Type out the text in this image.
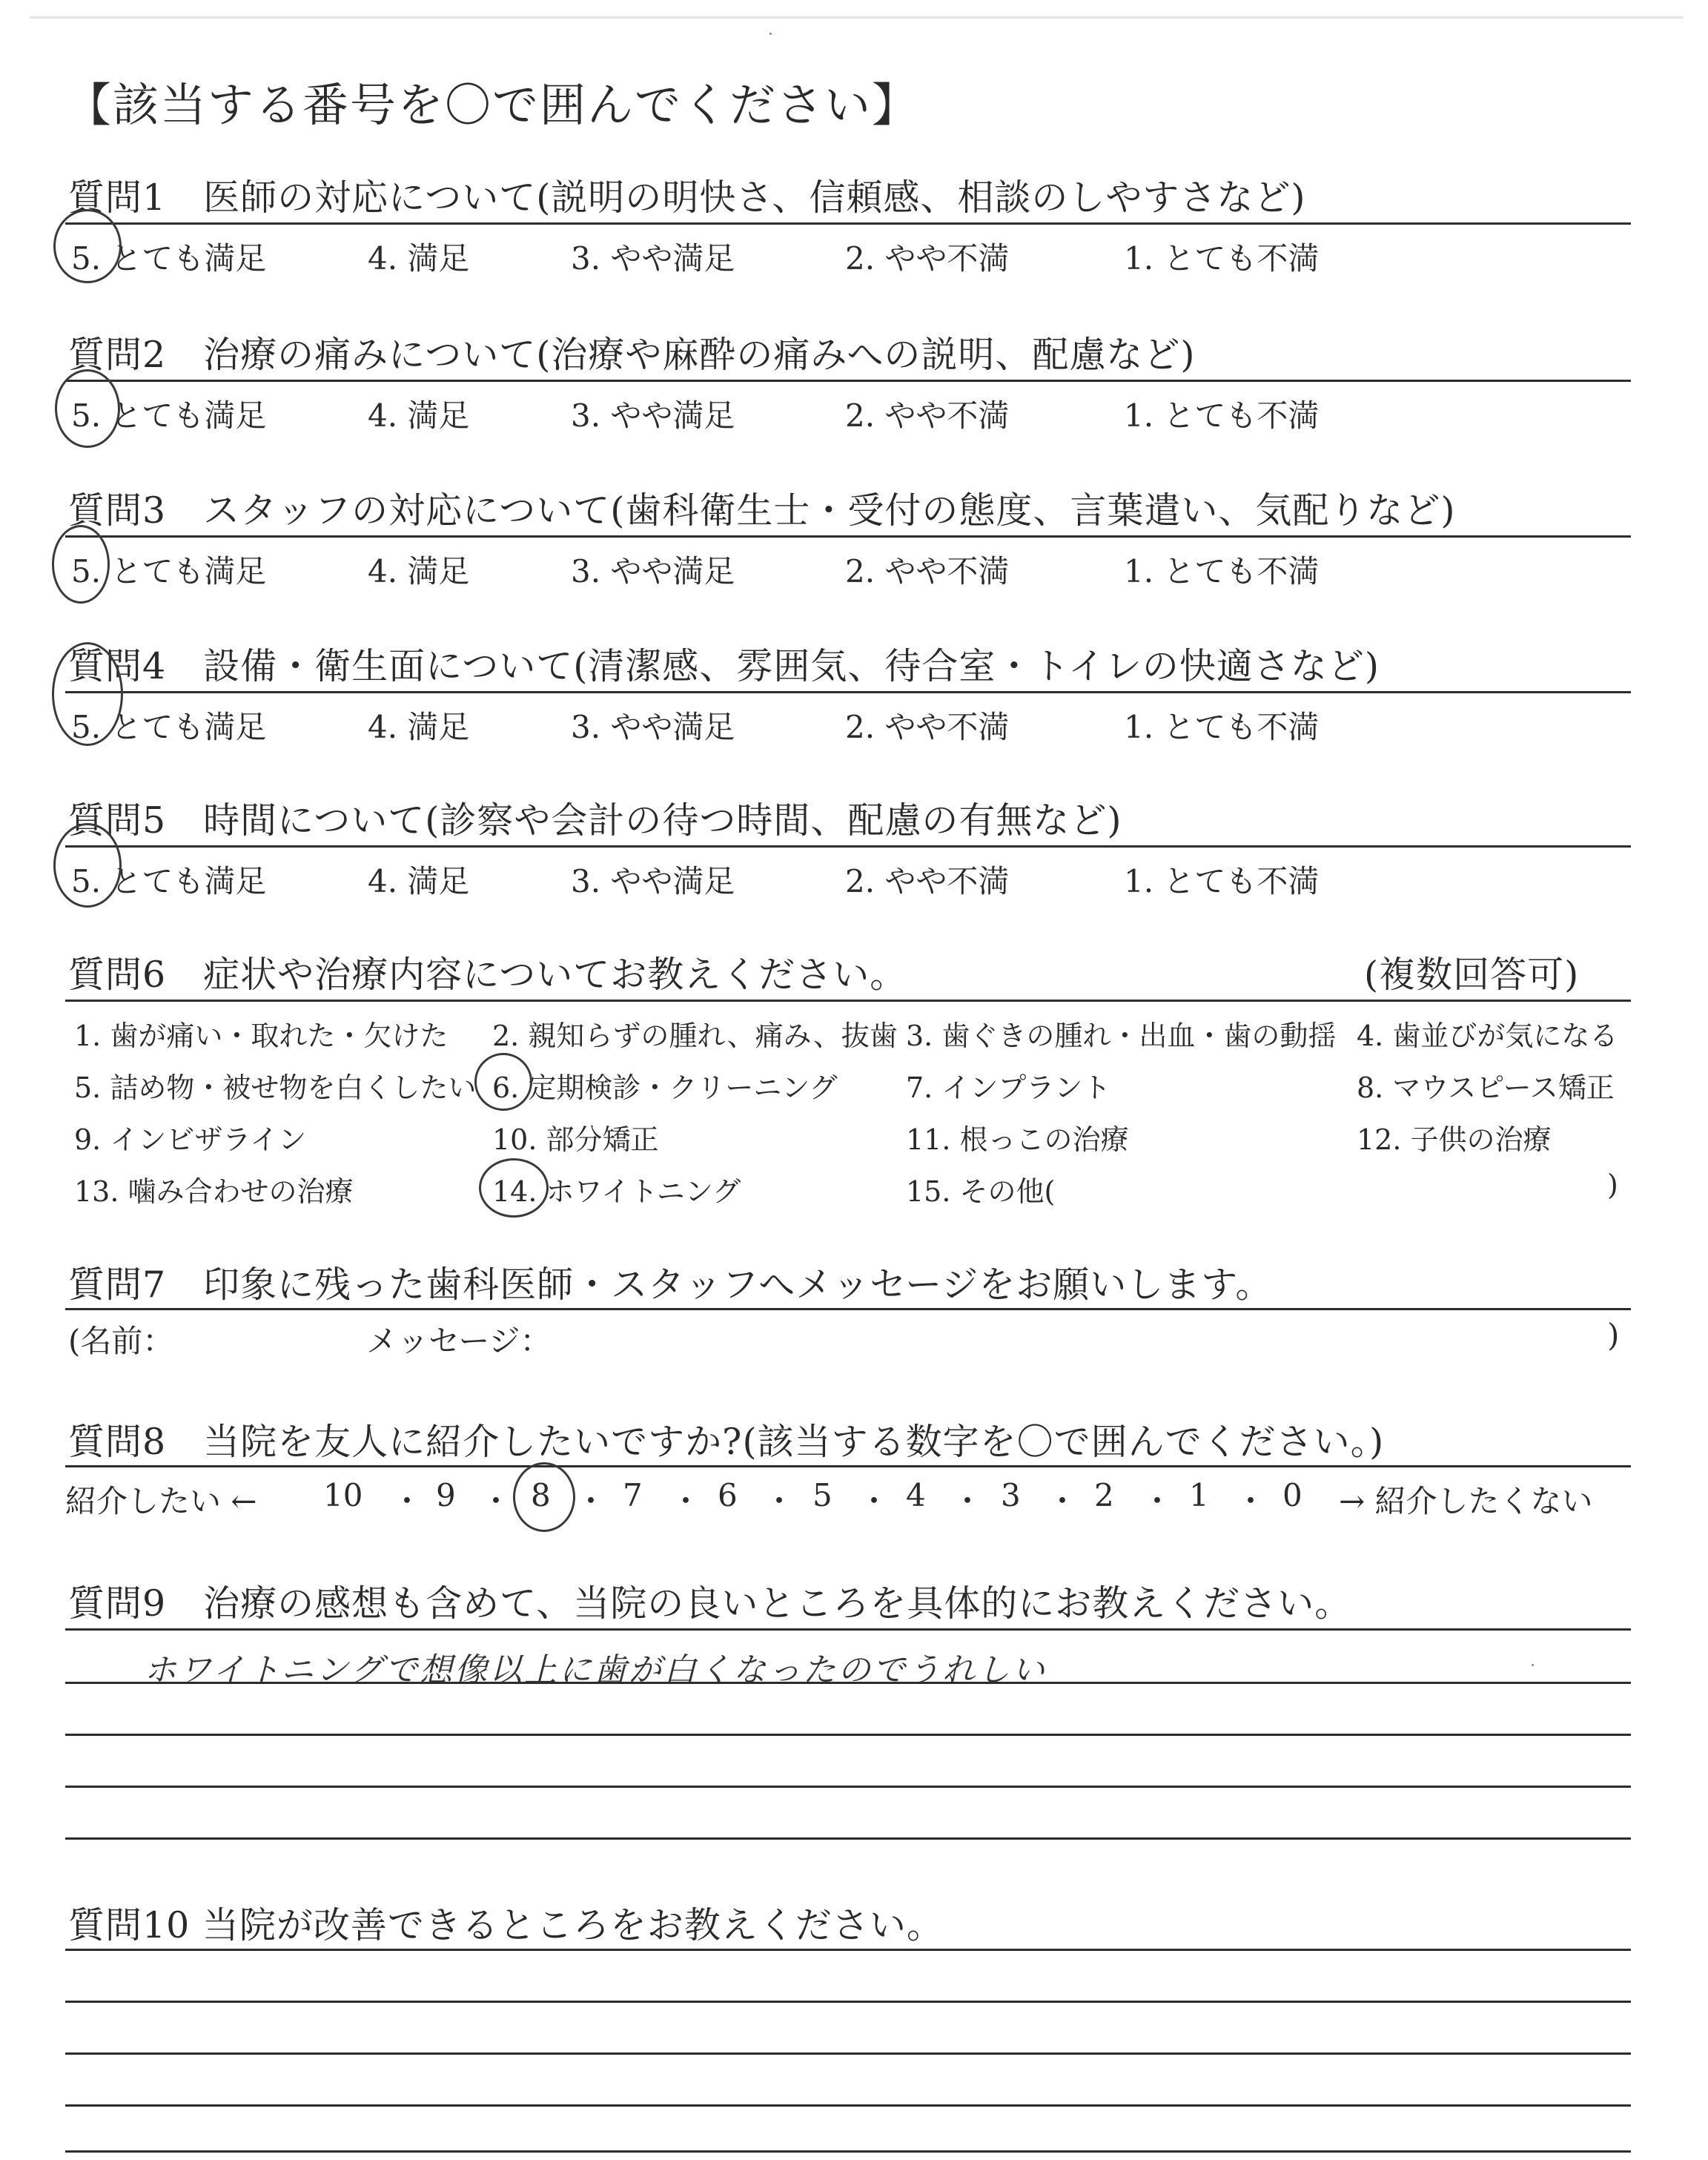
【該当する番号を〇で囲んでください】
質問1　医師の対応について(説明の明快さ、信頼感、相談のしやすさなど)
5. とても満足	4. 満足	3. やや満足	2. やや不満	1. とても不満
質問2　治療の痛みについて(治療や麻酔の痛みへの説明、配慮など)
5. とても満足	4. 満足	3. やや満足	2. やや不満	1. とても不満
質問3　スタッフの対応について(歯科衛生士・受付の態度、言葉遣い、気配りなど)
5. とても満足	4. 満足	3. やや満足	2. やや不満	1. とても不満
質問4　設備・衛生面について(清潔感、雰囲気、待合室・トイレの快適さなど)
5. とても満足	4. 満足	3. やや満足	2. やや不満	1. とても不満
質問5　時間について(診察や会計の待つ時間、配慮の有無など)
5. とても満足	4. 満足	3. やや満足	2. やや不満	1. とても不満
質問6　症状や治療内容についてお教えください。	(複数回答可)
1. 歯が痛い・取れた・欠けた 2. 親知らずの腫れ、痛み、抜歯 3. 歯ぐきの腫れ・出血・歯の動揺 4. 歯並びが気になる
5. 詰め物・被せ物を白くしたい 6. 定期検診・クリーニング 7. インプラント	8. マウスピース矯正
9. インビザライン	10. 部分矯正	11. 根っこの治療	12. 子供の治療
13. 噛み合わせの治療	14. ホワイトニング	15. その他(	)
質問7　印象に残った歯科医師・スタッフへメッセージをお願いします。
(名前：	メッセージ：	)
質問8　当院を友人に紹介したいですか?(該当する数字を〇で囲んでください。)
紹介したい ← 10 ・ 9 ・ 8 ・ 7 ・ 6 ・ 5 ・ 4 ・ 3 ・ 2 ・ 1 ・ 0 → 紹介したくない
質問9　治療の感想も含めて、当院の良いところを具体的にお教えください。
ホワイトニングで想像以上に歯が白くなったのでうれしい
質問10 当院が改善できるところをお教えください。
